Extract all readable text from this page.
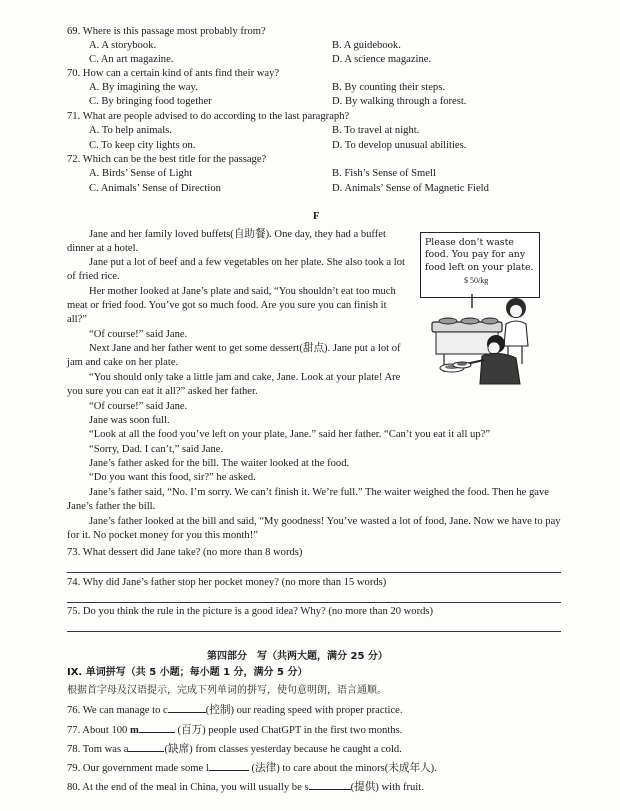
69. Where is this passage most probably from?
A. A storybook.	B. A guidebook.
C. An art magazine.	D. A science magazine.
70. How can a certain kind of ants find their way?
A. By imagining the way.	B. By counting their steps.
C. By bringing food together	D. By walking through a forest.
71. What are people advised to do according to the last paragraph?
A. To help animals.	B. To travel at night.
C. To keep city lights on.	D. To develop unusual abilities.
72. Which can be the best title for the passage?
A. Birds’ Sense of Light	B. Fish’s Sense of Smell
C. Animals’ Sense of Direction	D. Animals’ Sense of Magnetic Field
F
Please don’t waste food. You pay for any food left on your plate.
$ 50/kg
Jane and her family loved buffets(自助餐). One day, they had a buffet dinner at a hotel.
Jane put a lot of beef and a few vegetables on her plate. She also took a lot of fried rice.
Her mother looked at Jane’s plate and said, “You shouldn’t eat too much meat or fried food. You’ve got so much food. Are you sure you can finish it all?”
“Of course!” said Jane.
Next Jane and her father went to get some dessert(甜点). Jane put a lot of jam and cake on her plate.
“You should only take a little jam and cake, Jane. Look at your plate! Are you sure you can eat it all?” asked her father.
“Of course!” said Jane.
Jane was soon full.
“Look at all the food you’ve left on your plate, Jane.” said her father. “Can’t you eat it all up?”
“Sorry, Dad. I can’t,” said Jane.
Jane’s father asked for the bill. The waiter looked at the food.
“Do you want this food, sir?” he asked.
Jane’s father said, “No. I’m sorry. We can’t finish it. We’re full.” The waiter weighed the food. Then he gave Jane’s father the bill.
Jane’s father looked at the bill and said, “My goodness! You’ve wasted a lot of food, Jane. Now we have to pay for it. No pocket money for you this month!”
73. What dessert did Jane take? (no more than 8 words)
74. Why did Jane’s father stop her pocket money? (no more than 15 words)
75. Do you think the rule in the picture is a good idea? Why? (no more than 20 words)
第四部分　写（共两大题，满分 25 分）
IX. 单词拼写（共 5 小题；每小题 1 分，满分 5 分）
根据首字母及汉语提示，完成下列单词的拼写，使句意明朗，语言通顺。
76. We can manage to c	(控制) our reading speed with proper practice.
77. About 100 m	(百万) people used ChatGPT in the first two months.
78. Tom was a	(缺席) from classes yesterday because he caught a cold.
79. Our government made some l	(法律) to care about the minors(未成年人).
80. At the end of the meal in China, you will usually be s	(提供) with fruit.
